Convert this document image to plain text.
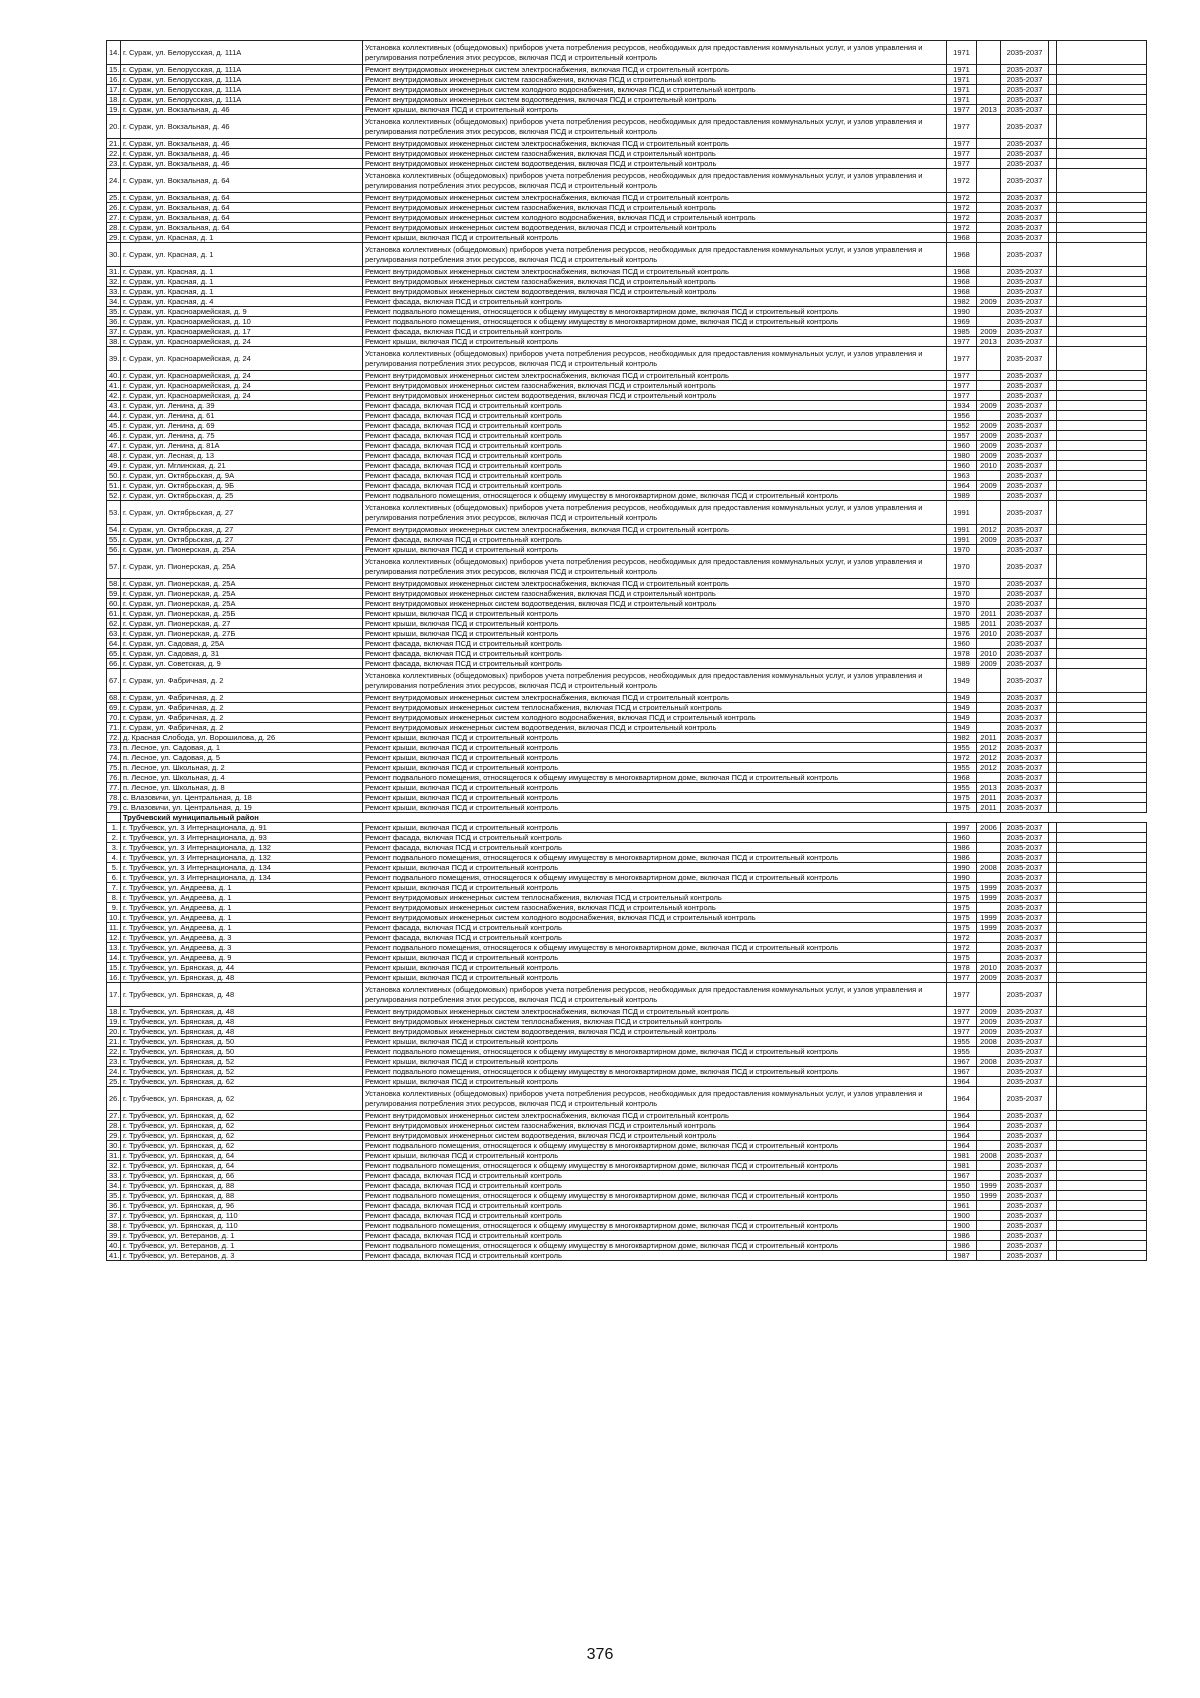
14.	г. Сураж, ул. Белорусская, д. 111А	Установка коллективных (общедомовых) приборов учета потребления ресурсов, необходимых для предоставления коммунальных услуг, и узлов управления и регулирования потребления этих ресурсов, включая ПСД и строительный контроль	1971		2035-2037		
15.	г. Сураж, ул. Белорусская, д. 111А	Ремонт внутридомовых инженерных систем электроснабжения, включая ПСД и строительный контроль	1971		2035-2037		
16.	г. Сураж, ул. Белорусская, д. 111А	Ремонт внутридомовых инженерных систем газоснабжения, включая ПСД и строительный контроль	1971		2035-2037		
17.	г. Сураж, ул. Белорусская, д. 111А	Ремонт внутридомовых инженерных систем холодного водоснабжения, включая ПСД и строительный контроль	1971		2035-2037		
18.	г. Сураж, ул. Белорусская, д. 111А	Ремонт внутридомовых инженерных систем водоотведения, включая ПСД и строительный контроль	1971		2035-2037		
19.	г. Сураж, ул. Вокзальная, д. 46	Ремонт крыши, включая ПСД и строительный контроль	1977	2013	2035-2037		
20.	г. Сураж, ул. Вокзальная, д. 46	Установка коллективных (общедомовых) приборов учета потребления ресурсов, необходимых для предоставления коммунальных услуг, и узлов управления и регулирования потребления этих ресурсов, включая ПСД и строительный контроль	1977		2035-2037		
21.	г. Сураж, ул. Вокзальная, д. 46	Ремонт внутридомовых инженерных систем электроснабжения, включая ПСД и строительный контроль	1977		2035-2037		
22.	г. Сураж, ул. Вокзальная, д. 46	Ремонт внутридомовых инженерных систем газоснабжения, включая ПСД и строительный контроль	1977		2035-2037		
23.	г. Сураж, ул. Вокзальная, д. 46	Ремонт внутридомовых инженерных систем водоотведения, включая ПСД и строительный контроль	1977		2035-2037		
24.	г. Сураж, ул. Вокзальная, д. 64	Установка коллективных (общедомовых) приборов учета потребления ресурсов, необходимых для предоставления коммунальных услуг, и узлов управления и регулирования потребления этих ресурсов, включая ПСД и строительный контроль	1972		2035-2037		
25.	г. Сураж, ул. Вокзальная, д. 64	Ремонт внутридомовых инженерных систем электроснабжения, включая ПСД и строительный контроль	1972		2035-2037		
26.	г. Сураж, ул. Вокзальная, д. 64	Ремонт внутридомовых инженерных систем газоснабжения, включая ПСД и строительный контроль	1972		2035-2037		
27.	г. Сураж, ул. Вокзальная, д. 64	Ремонт внутридомовых инженерных систем холодного водоснабжения, включая ПСД и строительный контроль	1972		2035-2037		
28.	г. Сураж, ул. Вокзальная, д. 64	Ремонт внутридомовых инженерных систем водоотведения, включая ПСД и строительный контроль	1972		2035-2037		
29.	г. Сураж, ул. Красная, д. 1	Ремонт крыши, включая ПСД и строительный контроль	1968		2035-2037		
30.	г. Сураж, ул. Красная, д. 1	Установка коллективных (общедомовых) приборов учета потребления ресурсов, необходимых для предоставления коммунальных услуг, и узлов управления и регулирования потребления этих ресурсов, включая ПСД и строительный контроль	1968		2035-2037		
31.	г. Сураж, ул. Красная, д. 1	Ремонт внутридомовых инженерных систем электроснабжения, включая ПСД и строительный контроль	1968		2035-2037		
32.	г. Сураж, ул. Красная, д. 1	Ремонт внутридомовых инженерных систем газоснабжения, включая ПСД и строительный контроль	1968		2035-2037		
33.	г. Сураж, ул. Красная, д. 1	Ремонт внутридомовых инженерных систем водоотведения, включая ПСД и строительный контроль	1968		2035-2037		
34.	г. Сураж, ул. Красная, д. 4	Ремонт фасада, включая ПСД и строительный контроль	1982	2009	2035-2037		
35.	г. Сураж, ул. Красноармейская, д. 9	Ремонт подвального помещения, относящегося к общему имуществу в многоквартирном доме, включая ПСД и строительный контроль	1990		2035-2037		
36.	г. Сураж, ул. Красноармейская, д. 10	Ремонт подвального помещения, относящегося к общему имуществу в многоквартирном доме, включая ПСД и строительный контроль	1969		2035-2037		
37.	г. Сураж, ул. Красноармейская, д. 17	Ремонт фасада, включая ПСД и строительный контроль	1985	2009	2035-2037		
38.	г. Сураж, ул. Красноармейская, д. 24	Ремонт крыши, включая ПСД и строительный контроль	1977	2013	2035-2037		
39.	г. Сураж, ул. Красноармейская, д. 24	Установка коллективных (общедомовых) приборов учета потребления ресурсов, необходимых для предоставления коммунальных услуг, и узлов управления и регулирования потребления этих ресурсов, включая ПСД и строительный контроль	1977		2035-2037		
40.	г. Сураж, ул. Красноармейская, д. 24	Ремонт внутридомовых инженерных систем электроснабжения, включая ПСД и строительный контроль	1977		2035-2037		
41.	г. Сураж, ул. Красноармейская, д. 24	Ремонт внутридомовых инженерных систем газоснабжения, включая ПСД и строительный контроль	1977		2035-2037		
42.	г. Сураж, ул. Красноармейская, д. 24	Ремонт внутридомовых инженерных систем водоотведения, включая ПСД и строительный контроль	1977		2035-2037		
43.	г. Сураж, ул. Ленина, д. 39	Ремонт фасада, включая ПСД и строительный контроль	1934	2009	2035-2037		
44.	г. Сураж, ул. Ленина, д. 61	Ремонт фасада, включая ПСД и строительный контроль	1956		2035-2037		
45.	г. Сураж, ул. Ленина, д. 69	Ремонт фасада, включая ПСД и строительный контроль	1952	2009	2035-2037		
46.	г. Сураж, ул. Ленина, д. 75	Ремонт фасада, включая ПСД и строительный контроль	1957	2009	2035-2037		
47.	г. Сураж, ул. Ленина, д. 81А	Ремонт фасада, включая ПСД и строительный контроль	1960	2009	2035-2037		
48.	г. Сураж, ул. Лесная, д. 13	Ремонт фасада, включая ПСД и строительный контроль	1980	2009	2035-2037		
49.	г. Сураж, ул. Мглинская, д. 21	Ремонт фасада, включая ПСД и строительный контроль	1960	2010	2035-2037		
50.	г. Сураж, ул. Октябрьская, д. 9А	Ремонт фасада, включая ПСД и строительный контроль	1963		2035-2037		
51.	г. Сураж, ул. Октябрьская, д. 9Б	Ремонт фасада, включая ПСД и строительный контроль	1964	2009	2035-2037		
52.	г. Сураж, ул. Октябрьская, д. 25	Ремонт подвального помещения, относящегося к общему имуществу в многоквартирном доме, включая ПСД и строительный контроль	1989		2035-2037		
53.	г. Сураж, ул. Октябрьская, д. 27	Установка коллективных (общедомовых) приборов учета потребления ресурсов, необходимых для предоставления коммунальных услуг, и узлов управления и регулирования потребления этих ресурсов, включая ПСД и строительный контроль	1991		2035-2037		
54.	г. Сураж, ул. Октябрьская, д. 27	Ремонт внутридомовых инженерных систем электроснабжения, включая ПСД и строительный контроль	1991	2012	2035-2037		
55.	г. Сураж, ул. Октябрьская, д. 27	Ремонт фасада, включая ПСД и строительный контроль	1991	2009	2035-2037		
56.	г. Сураж, ул. Пионерская, д. 25А	Ремонт крыши, включая ПСД и строительный контроль	1970		2035-2037		
57.	г. Сураж, ул. Пионерская, д. 25А	Установка коллективных (общедомовых) приборов учета потребления ресурсов, необходимых для предоставления коммунальных услуг, и узлов управления и регулирования потребления этих ресурсов, включая ПСД и строительный контроль	1970		2035-2037		
58.	г. Сураж, ул. Пионерская, д. 25А	Ремонт внутридомовых инженерных систем электроснабжения, включая ПСД и строительный контроль	1970		2035-2037		
59.	г. Сураж, ул. Пионерская, д. 25А	Ремонт внутридомовых инженерных систем газоснабжения, включая ПСД и строительный контроль	1970		2035-2037		
60.	г. Сураж, ул. Пионерская, д. 25А	Ремонт внутридомовых инженерных систем водоотведения, включая ПСД и строительный контроль	1970		2035-2037		
61.	г. Сураж, ул. Пионерская, д. 25Б	Ремонт крыши, включая ПСД и строительный контроль	1970	2011	2035-2037		
62.	г. Сураж, ул. Пионерская, д. 27	Ремонт крыши, включая ПСД и строительный контроль	1985	2011	2035-2037		
63.	г. Сураж, ул. Пионерская, д. 27Б	Ремонт крыши, включая ПСД и строительный контроль	1976	2010	2035-2037		
64.	г. Сураж, ул. Садовая, д. 25А	Ремонт фасада, включая ПСД и строительный контроль	1960		2035-2037		
65.	г. Сураж, ул. Садовая, д. 31	Ремонт фасада, включая ПСД и строительный контроль	1978	2010	2035-2037		
66.	г. Сураж, ул. Советская, д. 9	Ремонт фасада, включая ПСД и строительный контроль	1989	2009	2035-2037		
67.	г. Сураж, ул. Фабричная, д. 2	Установка коллективных (общедомовых) приборов учета потребления ресурсов, необходимых для предоставления коммунальных услуг, и узлов управления и регулирования потребления этих ресурсов, включая ПСД и строительный контроль	1949		2035-2037		
68.	г. Сураж, ул. Фабричная, д. 2	Ремонт внутридомовых инженерных систем электроснабжения, включая ПСД и строительный контроль	1949		2035-2037		
69.	г. Сураж, ул. Фабричная, д. 2	Ремонт внутридомовых инженерных систем теплоснабжения, включая ПСД и строительный контроль	1949		2035-2037		
70.	г. Сураж, ул. Фабричная, д. 2	Ремонт внутридомовых инженерных систем холодного водоснабжения, включая ПСД и строительный контроль	1949		2035-2037		
71.	г. Сураж, ул. Фабричная, д. 2	Ремонт внутридомовых инженерных систем водоотведения, включая ПСД и строительный контроль	1949		2035-2037		
72.	д. Красная Слобода, ул. Ворошилова, д. 26	Ремонт крыши, включая ПСД и строительный контроль	1982	2011	2035-2037		
73.	п. Лесное, ул. Садовая, д. 1	Ремонт крыши, включая ПСД и строительный контроль	1955	2012	2035-2037		
74.	п. Лесное, ул. Садовая, д. 5	Ремонт крыши, включая ПСД и строительный контроль	1972	2012	2035-2037		
75.	п. Лесное, ул. Школьная, д. 2	Ремонт крыши, включая ПСД и строительный контроль	1955	2012	2035-2037		
76.	п. Лесное, ул. Школьная, д. 4	Ремонт подвального помещения, относящегося к общему имуществу в многоквартирном доме, включая ПСД и строительный контроль	1968		2035-2037		
77.	п. Лесное, ул. Школьная, д. 8	Ремонт крыши, включая ПСД и строительный контроль	1955	2013	2035-2037		
78.	с. Влазовичи, ул. Центральная, д. 18	Ремонт крыши, включая ПСД и строительный контроль	1975	2011	2035-2037		
79.	с. Влазовичи, ул. Центральная, д. 19	Ремонт крыши, включая ПСД и строительный контроль	1975	2011	2035-2037		
	Трубчевский муниципальный район						
1.	г. Трубчевск, ул. 3 Интернационала, д. 91	Ремонт крыши, включая ПСД и строительный контроль	1997	2006	2035-2037		
2.	г. Трубчевск, ул. 3 Интернационала, д. 93	Ремонт фасада, включая ПСД и строительный контроль	1960		2035-2037		
3.	г. Трубчевск, ул. 3 Интернационала, д. 132	Ремонт фасада, включая ПСД и строительный контроль	1986		2035-2037		
4.	г. Трубчевск, ул. 3 Интернационала, д. 132	Ремонт подвального помещения, относящегося к общему имуществу в многоквартирном доме, включая ПСД и строительный контроль	1986		2035-2037		
5.	г. Трубчевск, ул. 3 Интернационала, д. 134	Ремонт крыши, включая ПСД и строительный контроль	1990	2008	2035-2037		
6.	г. Трубчевск, ул. 3 Интернационала, д. 134	Ремонт подвального помещения, относящегося к общему имуществу в многоквартирном доме, включая ПСД и строительный контроль	1990		2035-2037		
7.	г. Трубчевск, ул. Андреева, д. 1	Ремонт крыши, включая ПСД и строительный контроль	1975	1999	2035-2037		
8.	г. Трубчевск, ул. Андреева, д. 1	Ремонт внутридомовых инженерных систем теплоснабжения, включая ПСД и строительный контроль	1975	1999	2035-2037		
9.	г. Трубчевск, ул. Андреева, д. 1	Ремонт внутридомовых инженерных систем газоснабжения, включая ПСД и строительный контроль	1975		2035-2037		
10.	г. Трубчевск, ул. Андреева, д. 1	Ремонт внутридомовых инженерных систем холодного водоснабжения, включая ПСД и строительный контроль	1975	1999	2035-2037		
11.	г. Трубчевск, ул. Андреева, д. 1	Ремонт фасада, включая ПСД и строительный контроль	1975	1999	2035-2037		
12.	г. Трубчевск, ул. Андреева, д. 3	Ремонт фасада, включая ПСД и строительный контроль	1972		2035-2037		
13.	г. Трубчевск, ул. Андреева, д. 3	Ремонт подвального помещения, относящегося к общему имуществу в многоквартирном доме, включая ПСД и строительный контроль	1972		2035-2037		
14.	г. Трубчевск, ул. Андреева, д. 9	Ремонт крыши, включая ПСД и строительный контроль	1975		2035-2037		
15.	г. Трубчевск, ул. Брянская, д. 44	Ремонт крыши, включая ПСД и строительный контроль	1978	2010	2035-2037		
16.	г. Трубчевск, ул. Брянская, д. 48	Ремонт крыши, включая ПСД и строительный контроль	1977	2009	2035-2037		
17.	г. Трубчевск, ул. Брянская, д. 48	Установка коллективных (общедомовых) приборов учета потребления ресурсов, необходимых для предоставления коммунальных услуг, и узлов управления и регулирования потребления этих ресурсов, включая ПСД и строительный контроль	1977		2035-2037		
18.	г. Трубчевск, ул. Брянская, д. 48	Ремонт внутридомовых инженерных систем электроснабжения, включая ПСД и строительный контроль	1977	2009	2035-2037		
19.	г. Трубчевск, ул. Брянская, д. 48	Ремонт внутридомовых инженерных систем теплоснабжения, включая ПСД и строительный контроль	1977	2009	2035-2037		
20.	г. Трубчевск, ул. Брянская, д. 48	Ремонт внутридомовых инженерных систем водоотведения, включая ПСД и строительный контроль	1977	2009	2035-2037		
21.	г. Трубчевск, ул. Брянская, д. 50	Ремонт крыши, включая ПСД и строительный контроль	1955	2008	2035-2037		
22.	г. Трубчевск, ул. Брянская, д. 50	Ремонт подвального помещения, относящегося к общему имуществу в многоквартирном доме, включая ПСД и строительный контроль	1955		2035-2037		
23.	г. Трубчевск, ул. Брянская, д. 52	Ремонт крыши, включая ПСД и строительный контроль	1967	2008	2035-2037		
24.	г. Трубчевск, ул. Брянская, д. 52	Ремонт подвального помещения, относящегося к общему имуществу в многоквартирном доме, включая ПСД и строительный контроль	1967		2035-2037		
25.	г. Трубчевск, ул. Брянская, д. 62	Ремонт крыши, включая ПСД и строительный контроль	1964		2035-2037		
26.	г. Трубчевск, ул. Брянская, д. 62	Установка коллективных (общедомовых) приборов учета потребления ресурсов, необходимых для предоставления коммунальных услуг, и узлов управления и регулирования потребления этих ресурсов, включая ПСД и строительный контроль	1964		2035-2037		
27.	г. Трубчевск, ул. Брянская, д. 62	Ремонт внутридомовых инженерных систем электроснабжения, включая ПСД и строительный контроль	1964		2035-2037		
28.	г. Трубчевск, ул. Брянская, д. 62	Ремонт внутридомовых инженерных систем газоснабжения, включая ПСД и строительный контроль	1964		2035-2037		
29.	г. Трубчевск, ул. Брянская, д. 62	Ремонт внутридомовых инженерных систем водоотведения, включая ПСД и строительный контроль	1964		2035-2037		
30.	г. Трубчевск, ул. Брянская, д. 62	Ремонт подвального помещения, относящегося к общему имуществу в многоквартирном доме, включая ПСД и строительный контроль	1964		2035-2037		
31.	г. Трубчевск, ул. Брянская, д. 64	Ремонт крыши, включая ПСД и строительный контроль	1981	2008	2035-2037		
32.	г. Трубчевск, ул. Брянская, д. 64	Ремонт подвального помещения, относящегося к общему имуществу в многоквартирном доме, включая ПСД и строительный контроль	1981		2035-2037		
33.	г. Трубчевск, ул. Брянская, д. 66	Ремонт фасада, включая ПСД и строительный контроль	1967		2035-2037		
34.	г. Трубчевск, ул. Брянская, д. 88	Ремонт фасада, включая ПСД и строительный контроль	1950	1999	2035-2037		
35.	г. Трубчевск, ул. Брянская, д. 88	Ремонт подвального помещения, относящегося к общему имуществу в многоквартирном доме, включая ПСД и строительный контроль	1950	1999	2035-2037		
36.	г. Трубчевск, ул. Брянская, д. 96	Ремонт фасада, включая ПСД и строительный контроль	1961		2035-2037		
37.	г. Трубчевск, ул. Брянская, д. 110	Ремонт фасада, включая ПСД и строительный контроль	1900		2035-2037		
38.	г. Трубчевск, ул. Брянская, д. 110	Ремонт подвального помещения, относящегося к общему имуществу в многоквартирном доме, включая ПСД и строительный контроль	1900		2035-2037		
39.	г. Трубчевск, ул. Ветеранов, д. 1	Ремонт фасада, включая ПСД и строительный контроль	1986		2035-2037		
40.	г. Трубчевск, ул. Ветеранов, д. 1	Ремонт подвального помещения, относящегося к общему имуществу в многоквартирном доме, включая ПСД и строительный контроль	1986		2035-2037		
41.	г. Трубчевск, ул. Ветеранов, д. 3	Ремонт фасада, включая ПСД и строительный контроль	1987		2035-2037		
376
